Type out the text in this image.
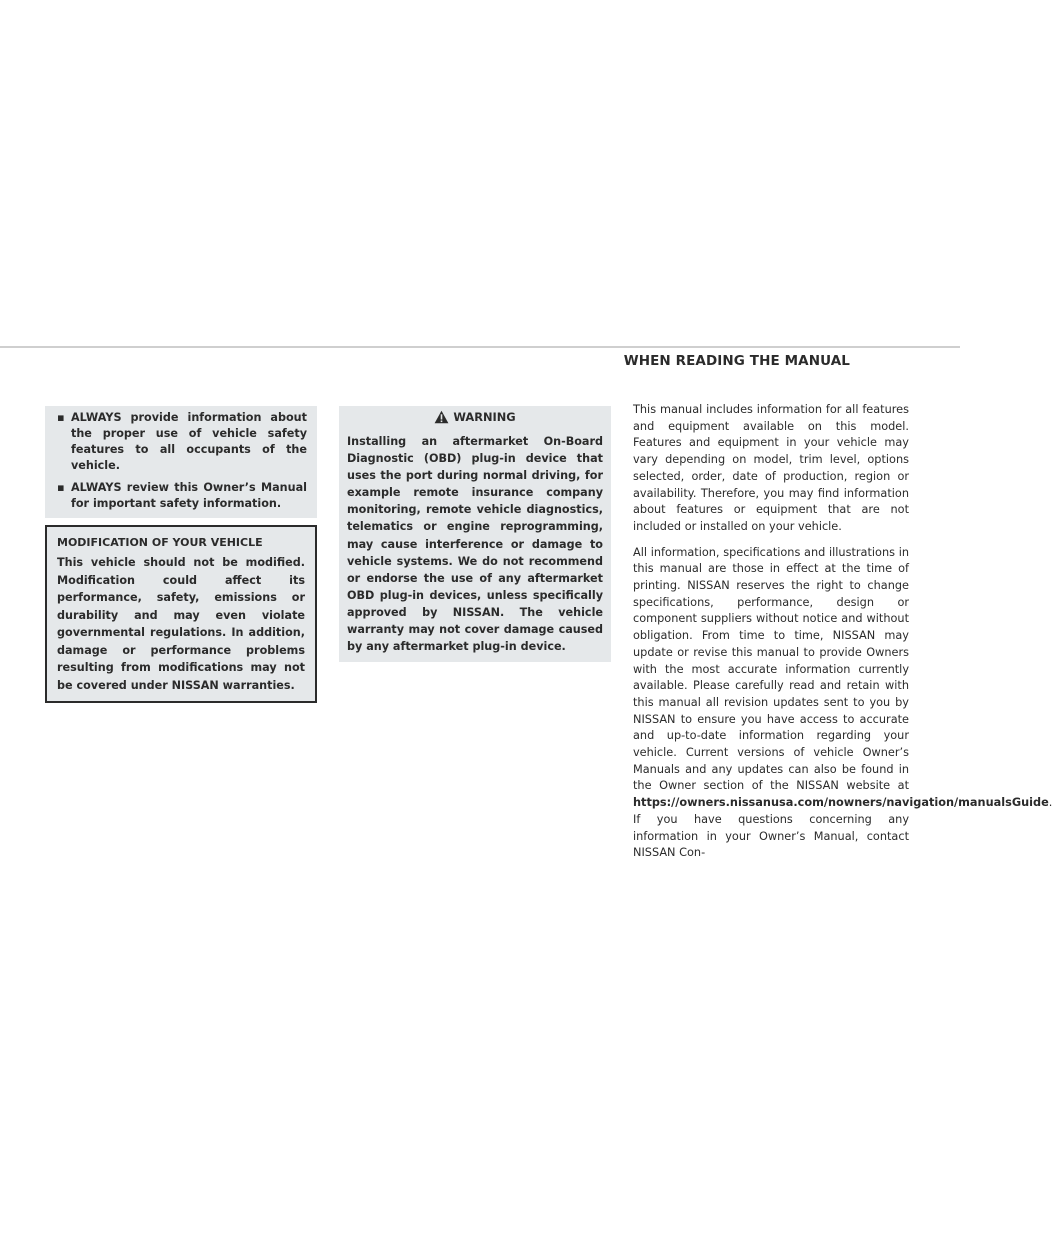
WHEN READING THE MANUAL
▪ ALWAYS provide information about the proper use of vehicle safety features to all occupants of the vehicle.
▪ ALWAYS review this Owner’s Manual for important safety information.
MODIFICATION OF YOUR VEHICLE
This vehicle should not be modified. Modification could affect its performance, safety, emissions or durability and may even violate governmental regulations. In addition, damage or performance problems resulting from modifications may not be covered under NISSAN warranties.
WARNING
Installing an aftermarket On-Board Diagnostic (OBD) plug-in device that uses the port during normal driving, for example remote insurance company monitoring, remote vehicle diagnostics, telematics or engine reprogramming, may cause interference or damage to vehicle systems. We do not recommend or endorse the use of any aftermarket OBD plug-in devices, unless specifically approved by NISSAN. The vehicle warranty may not cover damage caused by any aftermarket plug-in device.

This manual includes information for all features and equipment available on this model. Features and equipment in your vehicle may vary depending on model, trim level, options selected, order, date of production, region or availability. Therefore, you may find information about features or equipment that are not included or installed on your vehicle.

All information, specifications and illustrations in this manual are those in effect at the time of printing. NISSAN reserves the right to change specifications, performance, design or component suppliers without notice and without obligation. From time to time, NISSAN may update or revise this manual to provide Owners with the most accurate information currently available. Please carefully read and retain with this manual all revision updates sent to you by NISSAN to ensure you have access to accurate and up-to-date information regarding your vehicle. Current versions of vehicle Owner’s Manuals and any updates can also be found in the Owner section of the NISSAN website at https://owners.nissanusa.com/nowners/navigation/manualsGuide If you have questions concerning any information in your Owner’s Manual, contact NISSAN Con-
